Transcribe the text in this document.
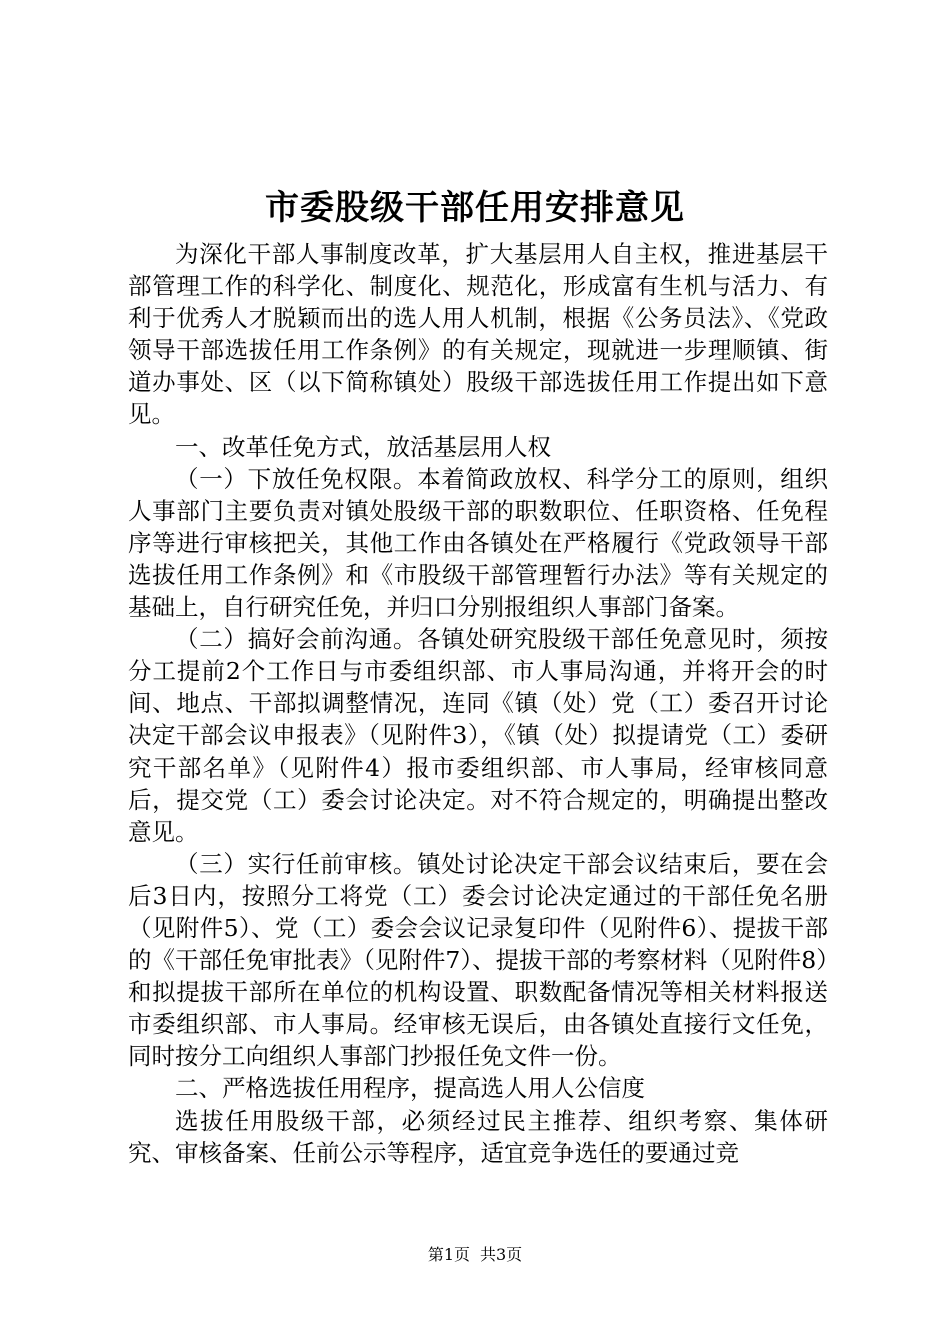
市委股级干部任用安排意见

为深化干部人事制度改革，扩大基层用人自主权，推进基层干部管理工作的科学化、制度化、规范化，形成富有生机与活力、有利于优秀人才脱颖而出的选人用人机制，根据《公务员法》、《党政领导干部选拔任用工作条例》的有关规定，现就进一步理顺镇、街道办事处、区（以下简称镇处）股级干部选拔任用工作提出如下意见。

一、改革任免方式，放活基层用人权

（一）下放任免权限。本着简政放权、科学分工的原则，组织人事部门主要负责对镇处股级干部的职数职位、任职资格、任免程序等进行审核把关，其他工作由各镇处在严格履行《党政领导干部选拔任用工作条例》和《市股级干部管理暂行办法》等有关规定的基础上，自行研究任免，并归口分别报组织人事部门备案。

（二）搞好会前沟通。各镇处研究股级干部任免意见时，须按分工提前2个工作日与市委组织部、市人事局沟通，并将开会的时间、地点、干部拟调整情况，连同《镇（处）党（工）委召开讨论决定干部会议申报表》（见附件3），《镇（处）拟提请党（工）委研究干部名单》（见附件4）报市委组织部、市人事局，经审核同意后，提交党（工）委会讨论决定。对不符合规定的，明确提出整改意见。

（三）实行任前审核。镇处讨论决定干部会议结束后，要在会后3日内，按照分工将党（工）委会讨论决定通过的干部任免名册（见附件5）、党（工）委会会议记录复印件（见附件6）、提拔干部的《干部任免审批表》（见附件7）、提拔干部的考察材料（见附件8）和拟提拔干部所在单位的机构设置、职数配备情况等相关材料报送市委组织部、市人事局。经审核无误后，由各镇处直接行文任免，同时按分工向组织人事部门抄报任免文件一份。

二、严格选拔任用程序，提高选人用人公信度

选拔任用股级干部，必须经过民主推荐、组织考察、集体研究、审核备案、任前公示等程序，适宜竞争选任的要通过竞

第1页 共3页
